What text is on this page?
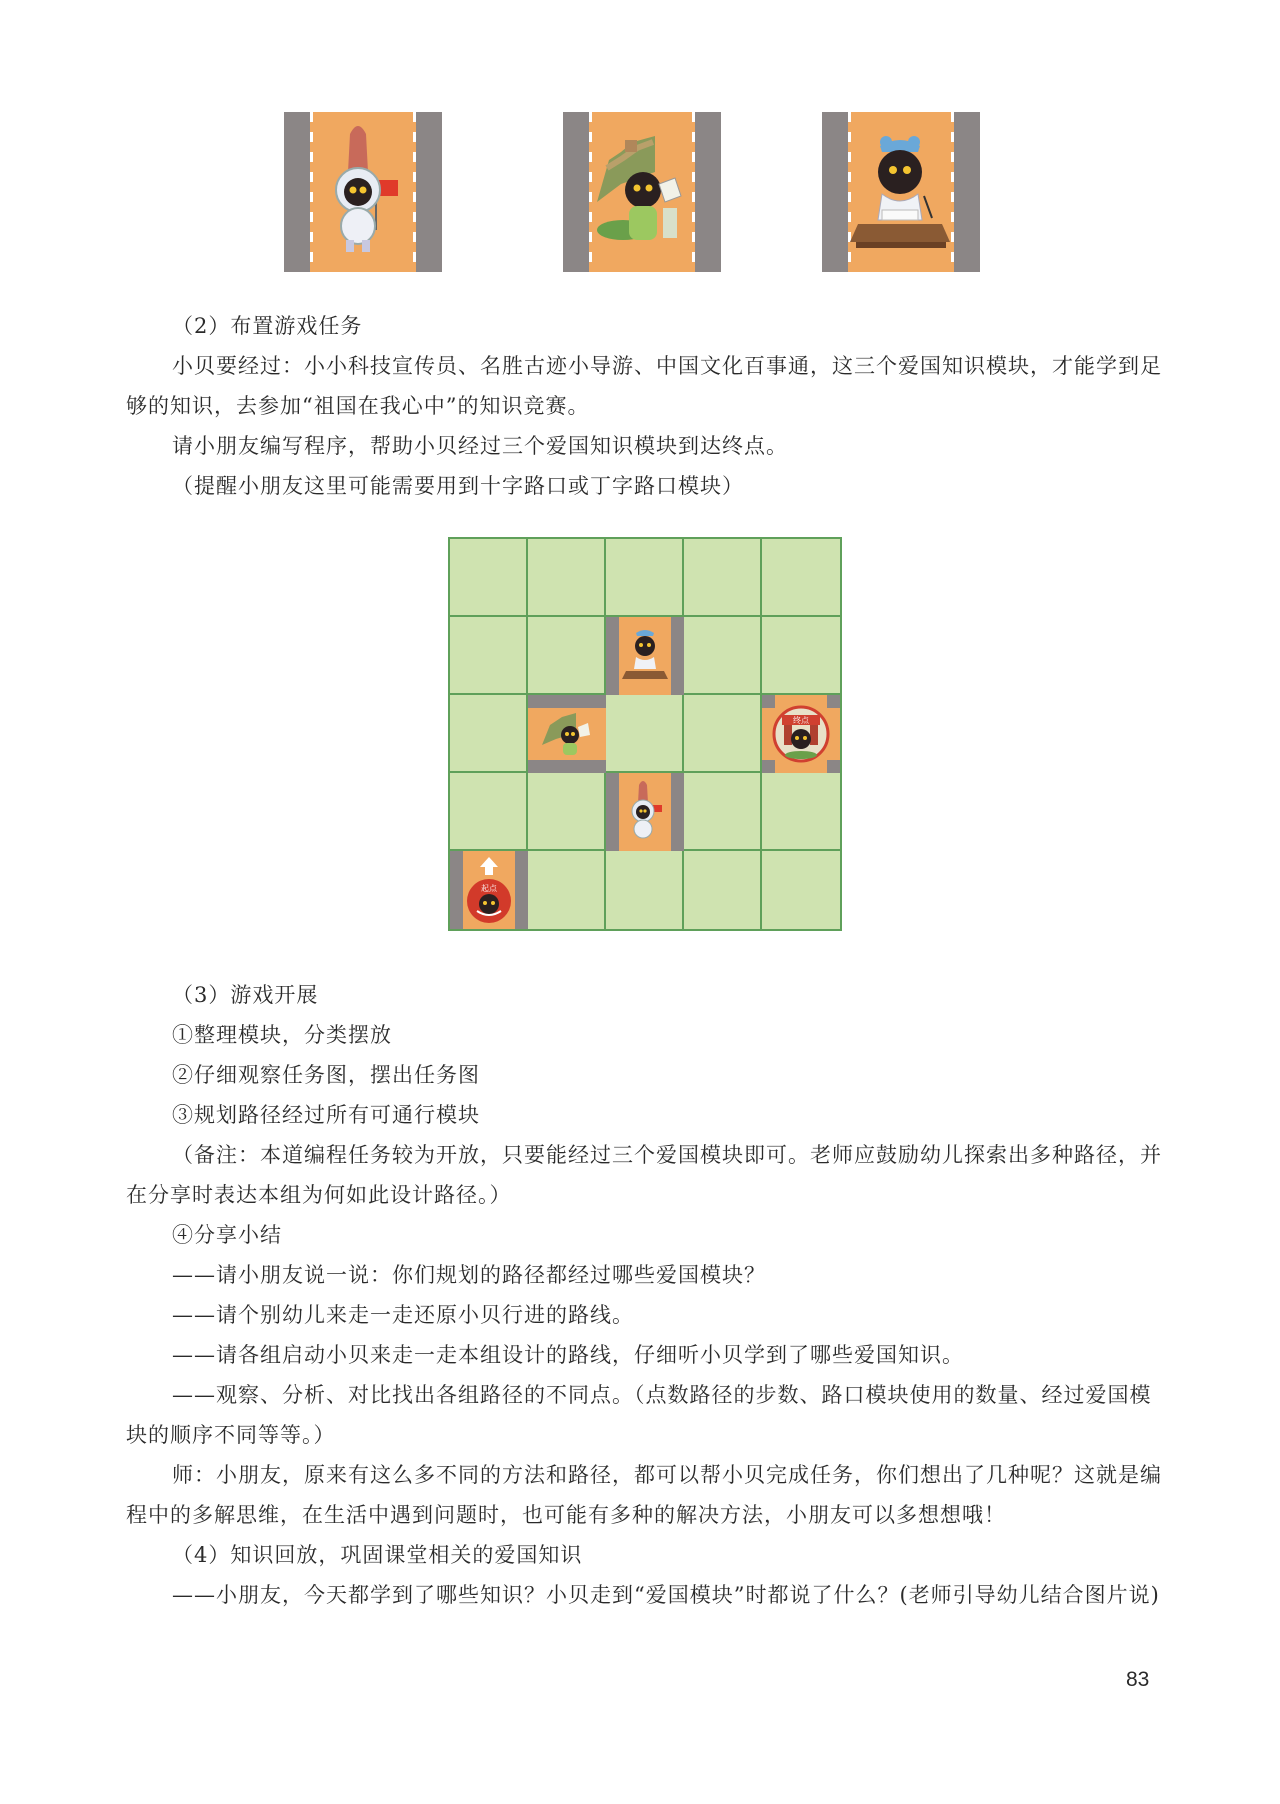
（2）布置游戏任务

小贝要经过：小小科技宣传员、名胜古迹小导游、中国文化百事通，这三个爱国知识模块，才能学到足够的知识，去参加“祖国在我心中”的知识竞赛。

请小朋友编写程序，帮助小贝经过三个爱国知识模块到达终点。

（提醒小朋友这里可能需要用到十字路口或丁字路口模块）

终点
起点

（3）游戏开展

①整理模块，分类摆放

②仔细观察任务图，摆出任务图

③规划路径经过所有可通行模块

（备注：本道编程任务较为开放，只要能经过三个爱国模块即可。老师应鼓励幼儿探索出多种路径，并在分享时表达本组为何如此设计路径。）

④分享小结

——请小朋友说一说：你们规划的路径都经过哪些爱国模块？

——请个别幼儿来走一走还原小贝行进的路线。

——请各组启动小贝来走一走本组设计的路线，仔细听小贝学到了哪些爱国知识。

——观察、分析、对比找出各组路径的不同点。（点数路径的步数、路口模块使用的数量、经过爱国模块的顺序不同等等。）

师：小朋友，原来有这么多不同的方法和路径，都可以帮小贝完成任务，你们想出了几种呢？这就是编程中的多解思维，在生活中遇到问题时，也可能有多种的解决方法，小朋友可以多想想哦！

（4）知识回放，巩固课堂相关的爱国知识

——小朋友，今天都学到了哪些知识？小贝走到“爱国模块”时都说了什么？(老师引导幼儿结合图片说)

83
